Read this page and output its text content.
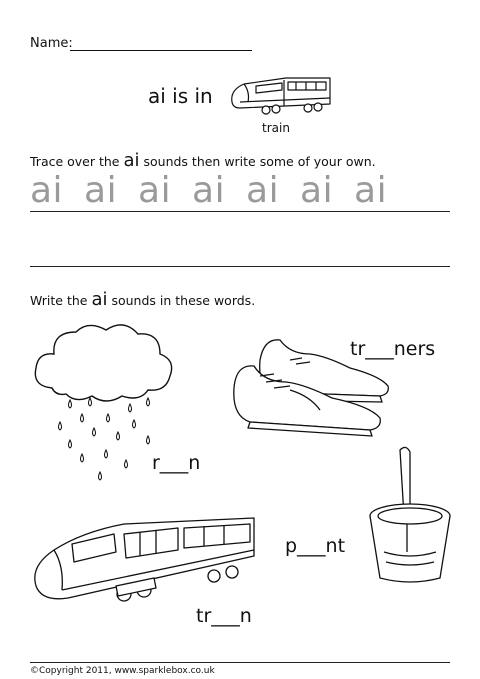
Name:
ai is in
train
Trace over the ai sounds then write some of your own.
ai ai ai ai ai ai ai
Write the ai sounds in these words.
r___n
tr___ners
p___nt
tr___n
©Copyright 2011, www.sparklebox.co.uk
